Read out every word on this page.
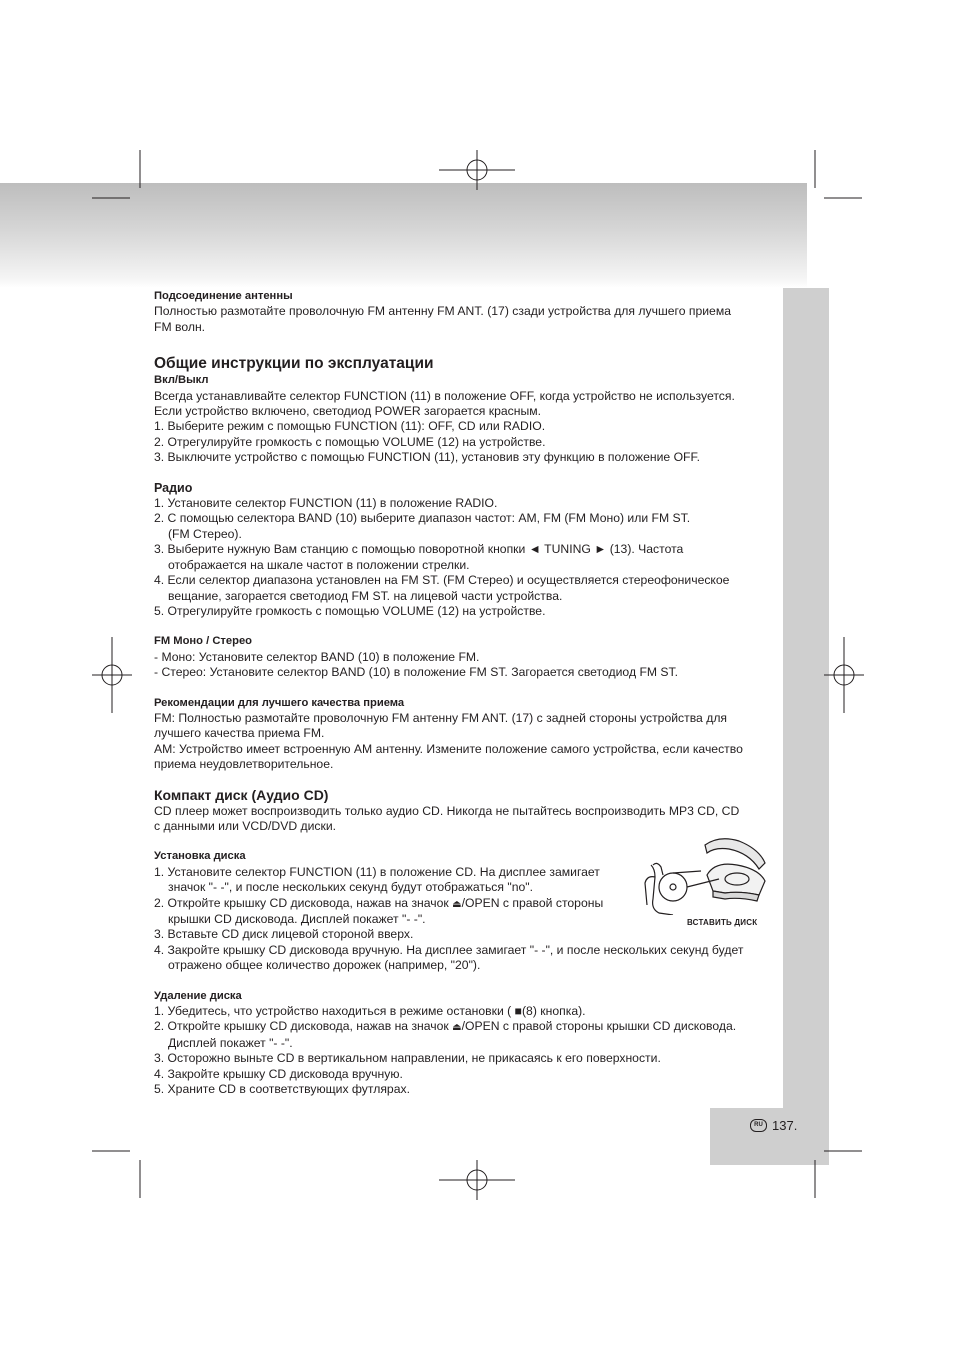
Подсоединение антенны

Полностью размотайте проволочную FM антенну FM ANT. (17) сзади устройства для лучшего приема

FM волн.

Общие инструкции по эксплуатации

Вкл/Выкл

Всегда устанавливайте селектор FUNCTION (11) в положение OFF, когда устройство не используется.

Если устройство включено, светодиод POWER загорается красным.

1. Выберите режим с помощью FUNCTION (11): OFF, CD или RADIO.

2. Отрегулируйте громкость с помощью VOLUME (12) на устройстве.

3. Выключите устройство с помощью FUNCTION (11), установив эту функцию в положение OFF.

Радио

1. Установите селектор FUNCTION (11) в положение RADIO.

2. С помощью селектора BAND (10) выберите диапазон частот: AM, FM (FM Моно) или FM ST.

(FM Стерео).

3. Выберите нужную Вам станцию с помощью поворотной кнопки ◄ TUNING ► (13). Частота

отображается на шкале частот в положении стрелки.

4. Если селектор диапазона установлен на FM ST. (FM Стерео) и осуществляется стереофоническое

вещание, загорается светодиод FM ST. на лицевой части устройства.

5. Отрегулируйте громкость с помощью VOLUME (12) на устройстве.

FM Моно / Стерео

- Моно: Установите селектор BAND (10) в положение FM.

- Стерео: Установите селектор BAND (10) в положение FM ST. Загорается светодиод FM ST.

Рекомендации для лучшего качества приема

FM: Полностью размотайте проволочную FM антенну FM ANT. (17) с задней стороны устройства для

лучшего качества приема FM.

AM: Устройство имеет встроенную AM антенну. Измените положение самого устройства, если качество

приема неудовлетворительное.

Компакт диск (Аудио CD)

CD плеер может воспроизводить только аудио CD. Никогда не пытайтесь воспроизводить MP3 CD, CD

с данными или VCD/DVD диски.

Установка диска

1. Установите селектор FUNCTION (11) в положение CD. На дисплее замигает

значок "- -", и после нескольких секунд будут отображаться "no".

2. Откройте крышку CD дисковода, нажав на значок ⏏/OPEN с правой стороны

крышки CD дисковода. Дисплей покажет "- -".

3. Вставьте CD диск лицевой стороной вверх.

4. Закройте крышку CD дисковода вручную. На дисплее замигает "- -", и после нескольких секунд будет

отражено общее количество дорожек (например, "20").

ВСТАВИТЬ ДИСК

Удаление диска

1. Убедитесь, что устройство находиться в режиме остановки ( ■(8) кнопка).

2. Откройте крышку CD дисковода, нажав на значок ⏏/OPEN с правой стороны крышки CD дисковода.

Дисплей покажет "- -".

3. Осторожно выньте CD в вертикальном направлении, не прикасаясь к его поверхности.

4. Закройте крышку CD дисковода вручную.

5. Храните CD в соответствующих футлярах.

RU 137.
